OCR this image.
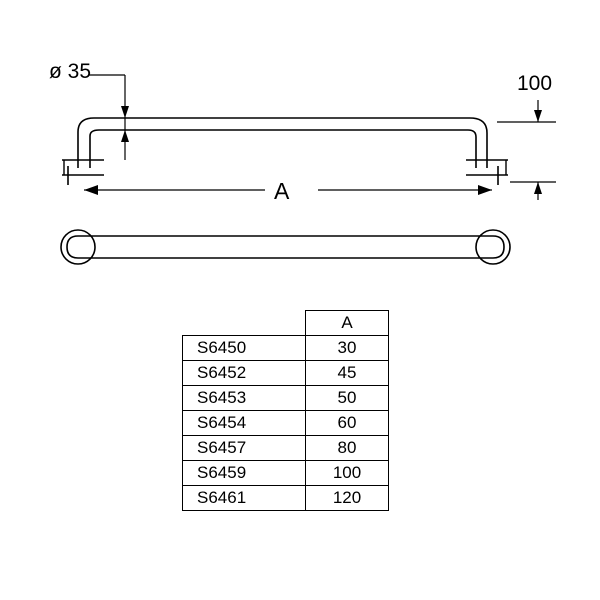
ø 35
100
A
	A
S6450	30
S6452	45
S6453	50
S6454	60
S6457	80
S6459	100
S6461	120
